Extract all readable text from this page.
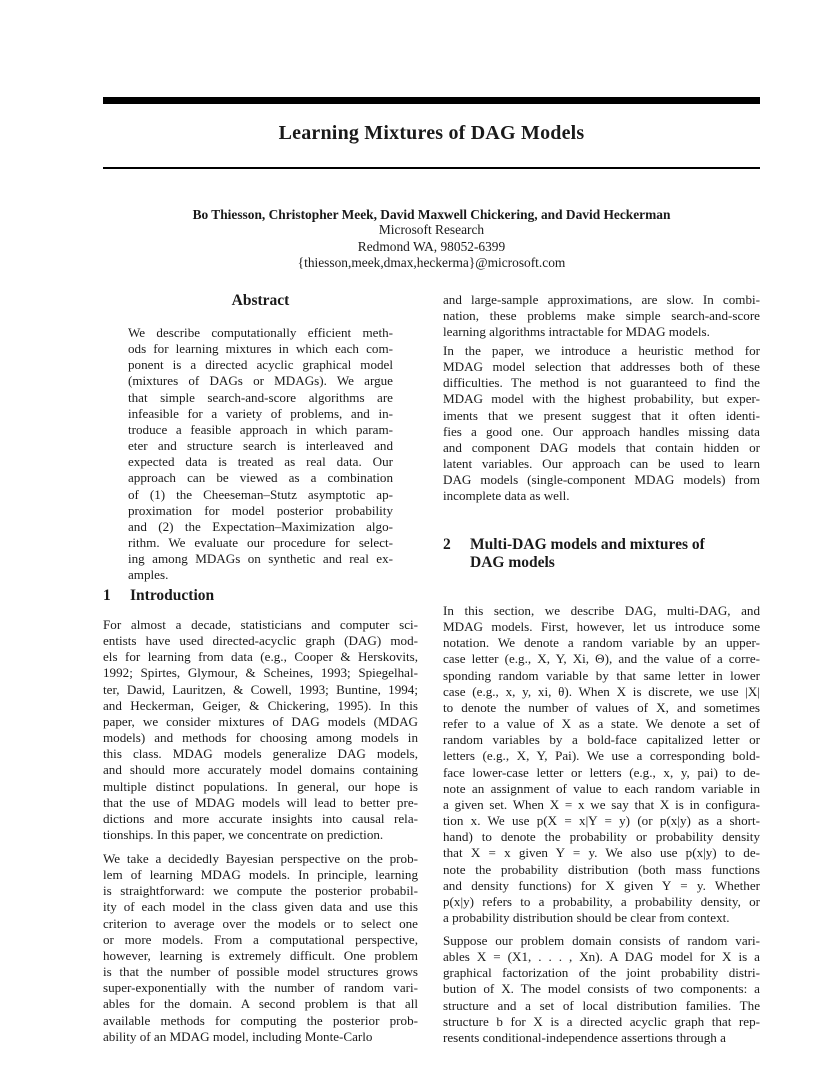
Learning Mixtures of DAG Models
Bo Thiesson, Christopher Meek, David Maxwell Chickering, and David Heckerman
Microsoft Research
Redmond WA, 98052-6399
{thiesson,meek,dmax,heckerma}@microsoft.com
Abstract
We describe computationally efficient meth-
ods for learning mixtures in which each com-
ponent is a directed acyclic graphical model
(mixtures of DAGs or MDAGs). We argue
that simple search-and-score algorithms are
infeasible for a variety of problems, and in-
troduce a feasible approach in which param-
eter and structure search is interleaved and
expected data is treated as real data. Our
approach can be viewed as a combination
of (1) the Cheeseman–Stutz asymptotic ap-
proximation for model posterior probability
and (2) the Expectation–Maximization algo-
rithm. We evaluate our procedure for select-
ing among MDAGs on synthetic and real ex-
amples.
1 Introduction
For almost a decade, statisticians and computer sci-
entists have used directed-acyclic graph (DAG) mod-
els for learning from data (e.g., Cooper & Herskovits,
1992; Spirtes, Glymour, & Scheines, 1993; Spiegelhal-
ter, Dawid, Lauritzen, & Cowell, 1993; Buntine, 1994;
and Heckerman, Geiger, & Chickering, 1995). In this
paper, we consider mixtures of DAG models (MDAG
models) and methods for choosing among models in
this class. MDAG models generalize DAG models,
and should more accurately model domains containing
multiple distinct populations. In general, our hope is
that the use of MDAG models will lead to better pre-
dictions and more accurate insights into causal rela-
tionships. In this paper, we concentrate on prediction.
We take a decidedly Bayesian perspective on the prob-
lem of learning MDAG models. In principle, learning
is straightforward: we compute the posterior probabil-
ity of each model in the class given data and use this
criterion to average over the models or to select one
or more models. From a computational perspective,
however, learning is extremely difficult. One problem
is that the number of possible model structures grows
super-exponentially with the number of random vari-
ables for the domain. A second problem is that all
available methods for computing the posterior prob-
ability of an MDAG model, including Monte-Carlo
and large-sample approximations, are slow. In combi-
nation, these problems make simple search-and-score
learning algorithms intractable for MDAG models.
In the paper, we introduce a heuristic method for
MDAG model selection that addresses both of these
difficulties. The method is not guaranteed to find the
MDAG model with the highest probability, but exper-
iments that we present suggest that it often identi-
fies a good one. Our approach handles missing data
and component DAG models that contain hidden or
latent variables. Our approach can be used to learn
DAG models (single-component MDAG models) from
incomplete data as well.
2 Multi-DAG models and mixtures of
DAG models
In this section, we describe DAG, multi-DAG, and
MDAG models. First, however, let us introduce some
notation. We denote a random variable by an upper-
case letter (e.g., X, Y, Xi, Θ), and the value of a corre-
sponding random variable by that same letter in lower
case (e.g., x, y, xi, θ). When X is discrete, we use |X|
to denote the number of values of X, and sometimes
refer to a value of X as a state. We denote a set of
random variables by a bold-face capitalized letter or
letters (e.g., X, Y, Pai). We use a corresponding bold-
face lower-case letter or letters (e.g., x, y, pai) to de-
note an assignment of value to each random variable in
a given set. When X = x we say that X is in configura-
tion x. We use p(X = x|Y = y) (or p(x|y) as a short-
hand) to denote the probability or probability density
that X = x given Y = y. We also use p(x|y) to de-
note the probability distribution (both mass functions
and density functions) for X given Y = y. Whether
p(x|y) refers to a probability, a probability density, or
a probability distribution should be clear from context.
Suppose our problem domain consists of random vari-
ables X = (X1, . . . , Xn). A DAG model for X is a
graphical factorization of the joint probability distri-
bution of X. The model consists of two components: a
structure and a set of local distribution families. The
structure b for X is a directed acyclic graph that rep-
resents conditional-independence assertions through a
